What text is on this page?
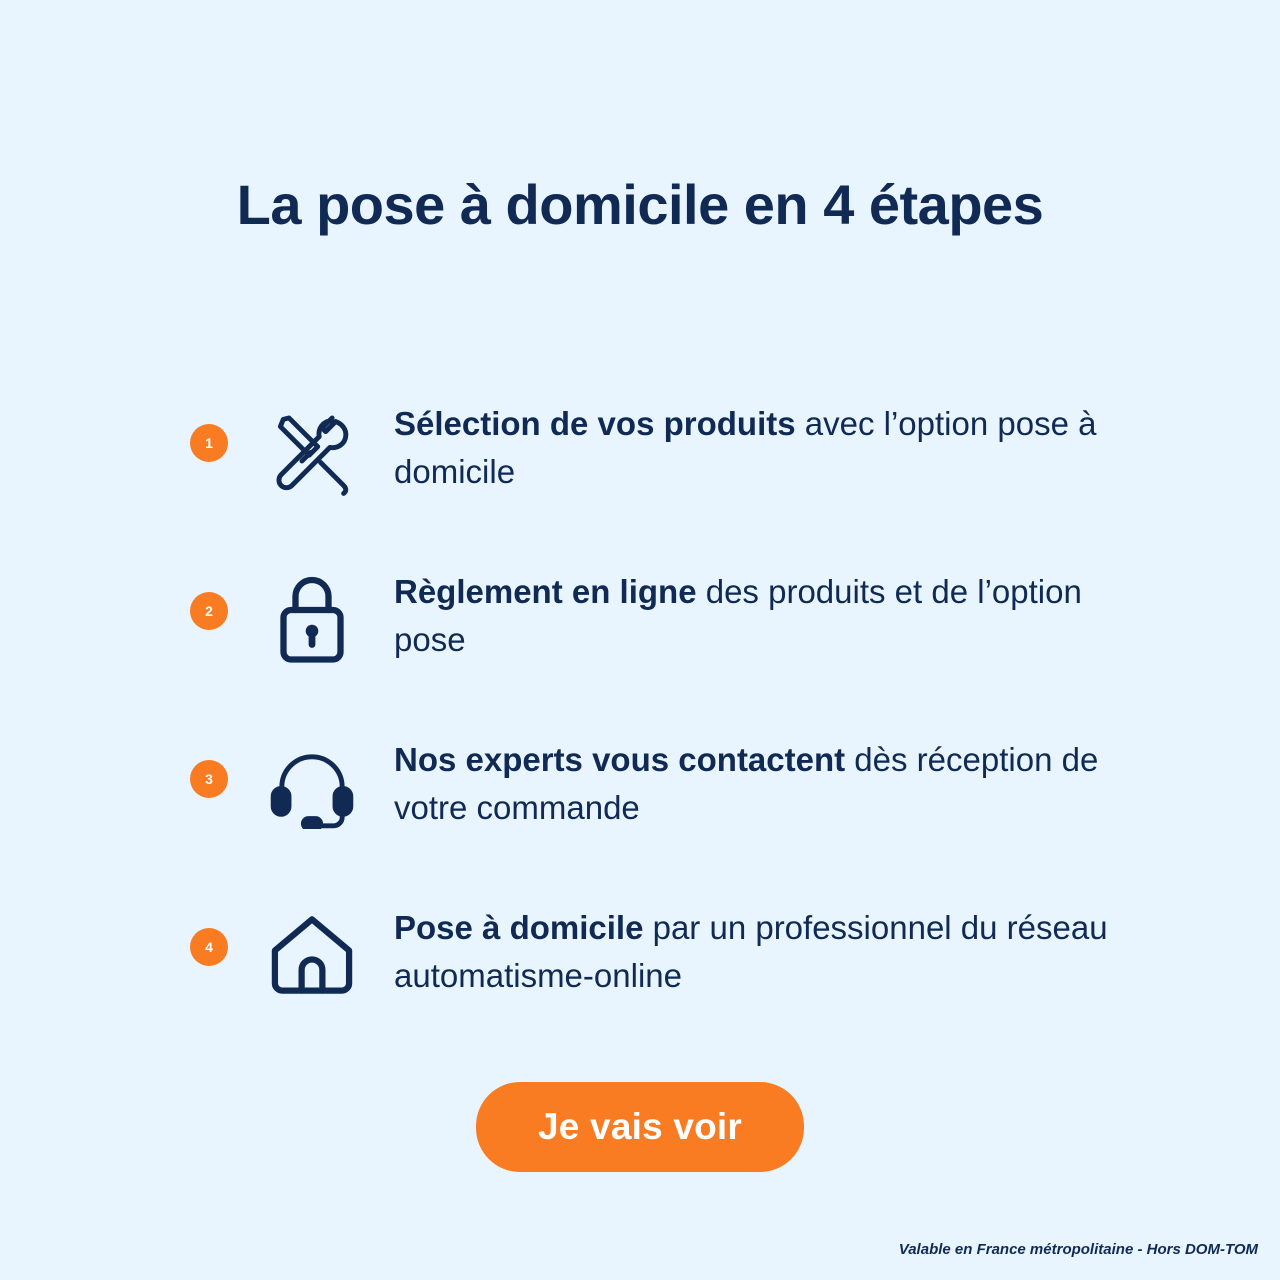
La pose à domicile en 4 étapes
1
Sélection de vos produits avec l’option pose à domicile
2
Règlement en ligne des produits et de l’option pose
3
Nos experts vous contactent dès réception de votre commande
4
Pose à domicile par un professionnel du réseau automatisme-online
Je vais voir
Valable en France métropolitaine - Hors DOM-TOM
